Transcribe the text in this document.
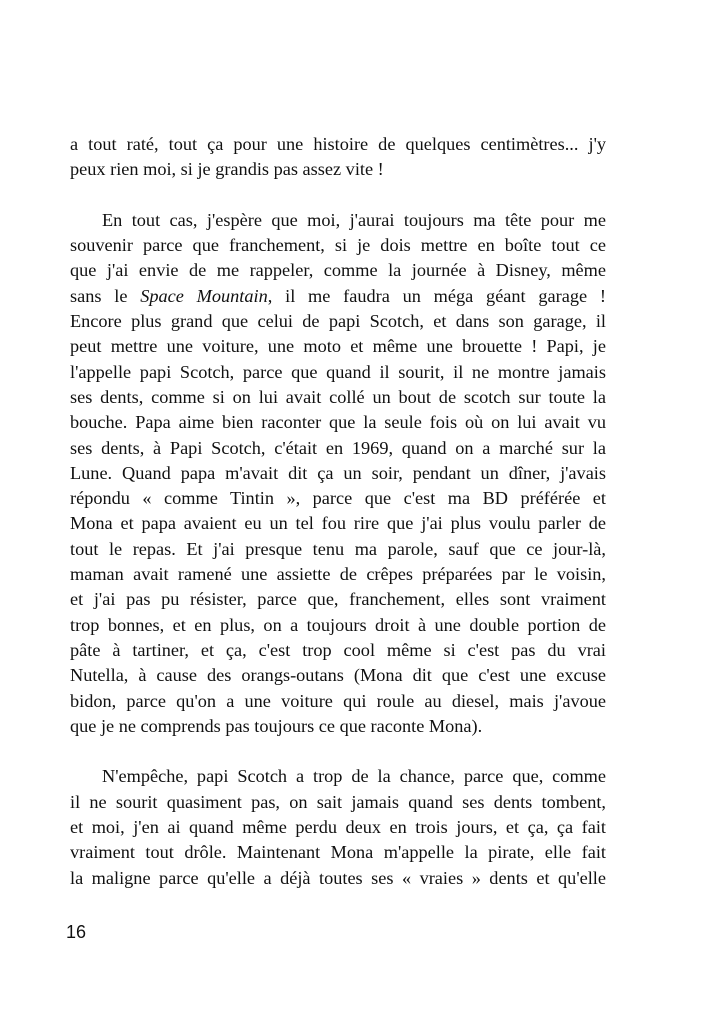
a tout raté, tout ça pour une histoire de quelques centimètres... j'y
peux rien moi, si je grandis pas assez vite !
En tout cas, j'espère que moi, j'aurai toujours ma tête pour me
souvenir parce que franchement, si je dois mettre en boîte tout ce
que j'ai envie de me rappeler, comme la journée à Disney, même
sans le Space Mountain, il me faudra un méga géant garage !
Encore plus grand que celui de papi Scotch, et dans son garage, il
peut mettre une voiture, une moto et même une brouette ! Papi, je
l'appelle papi Scotch, parce que quand il sourit, il ne montre jamais
ses dents, comme si on lui avait collé un bout de scotch sur toute la
bouche. Papa aime bien raconter que la seule fois où on lui avait vu
ses dents, à Papi Scotch, c'était en 1969, quand on a marché sur la
Lune. Quand papa m'avait dit ça un soir, pendant un dîner, j'avais
répondu « comme Tintin », parce que c'est ma BD préférée et
Mona et papa avaient eu un tel fou rire que j'ai plus voulu parler de
tout le repas. Et j'ai presque tenu ma parole, sauf que ce jour-là,
maman avait ramené une assiette de crêpes préparées par le voisin,
et j'ai pas pu résister, parce que, franchement, elles sont vraiment
trop bonnes, et en plus, on a toujours droit à une double portion de
pâte à tartiner, et ça, c'est trop cool même si c'est pas du vrai
Nutella, à cause des orangs-outans (Mona dit que c'est une excuse
bidon, parce qu'on a une voiture qui roule au diesel, mais j'avoue
que je ne comprends pas toujours ce que raconte Mona).
N'empêche, papi Scotch a trop de la chance, parce que, comme
il ne sourit quasiment pas, on sait jamais quand ses dents tombent,
et moi, j'en ai quand même perdu deux en trois jours, et ça, ça fait
vraiment tout drôle. Maintenant Mona m'appelle la pirate, elle fait
la maligne parce qu'elle a déjà toutes ses « vraies » dents et qu'elle
16
